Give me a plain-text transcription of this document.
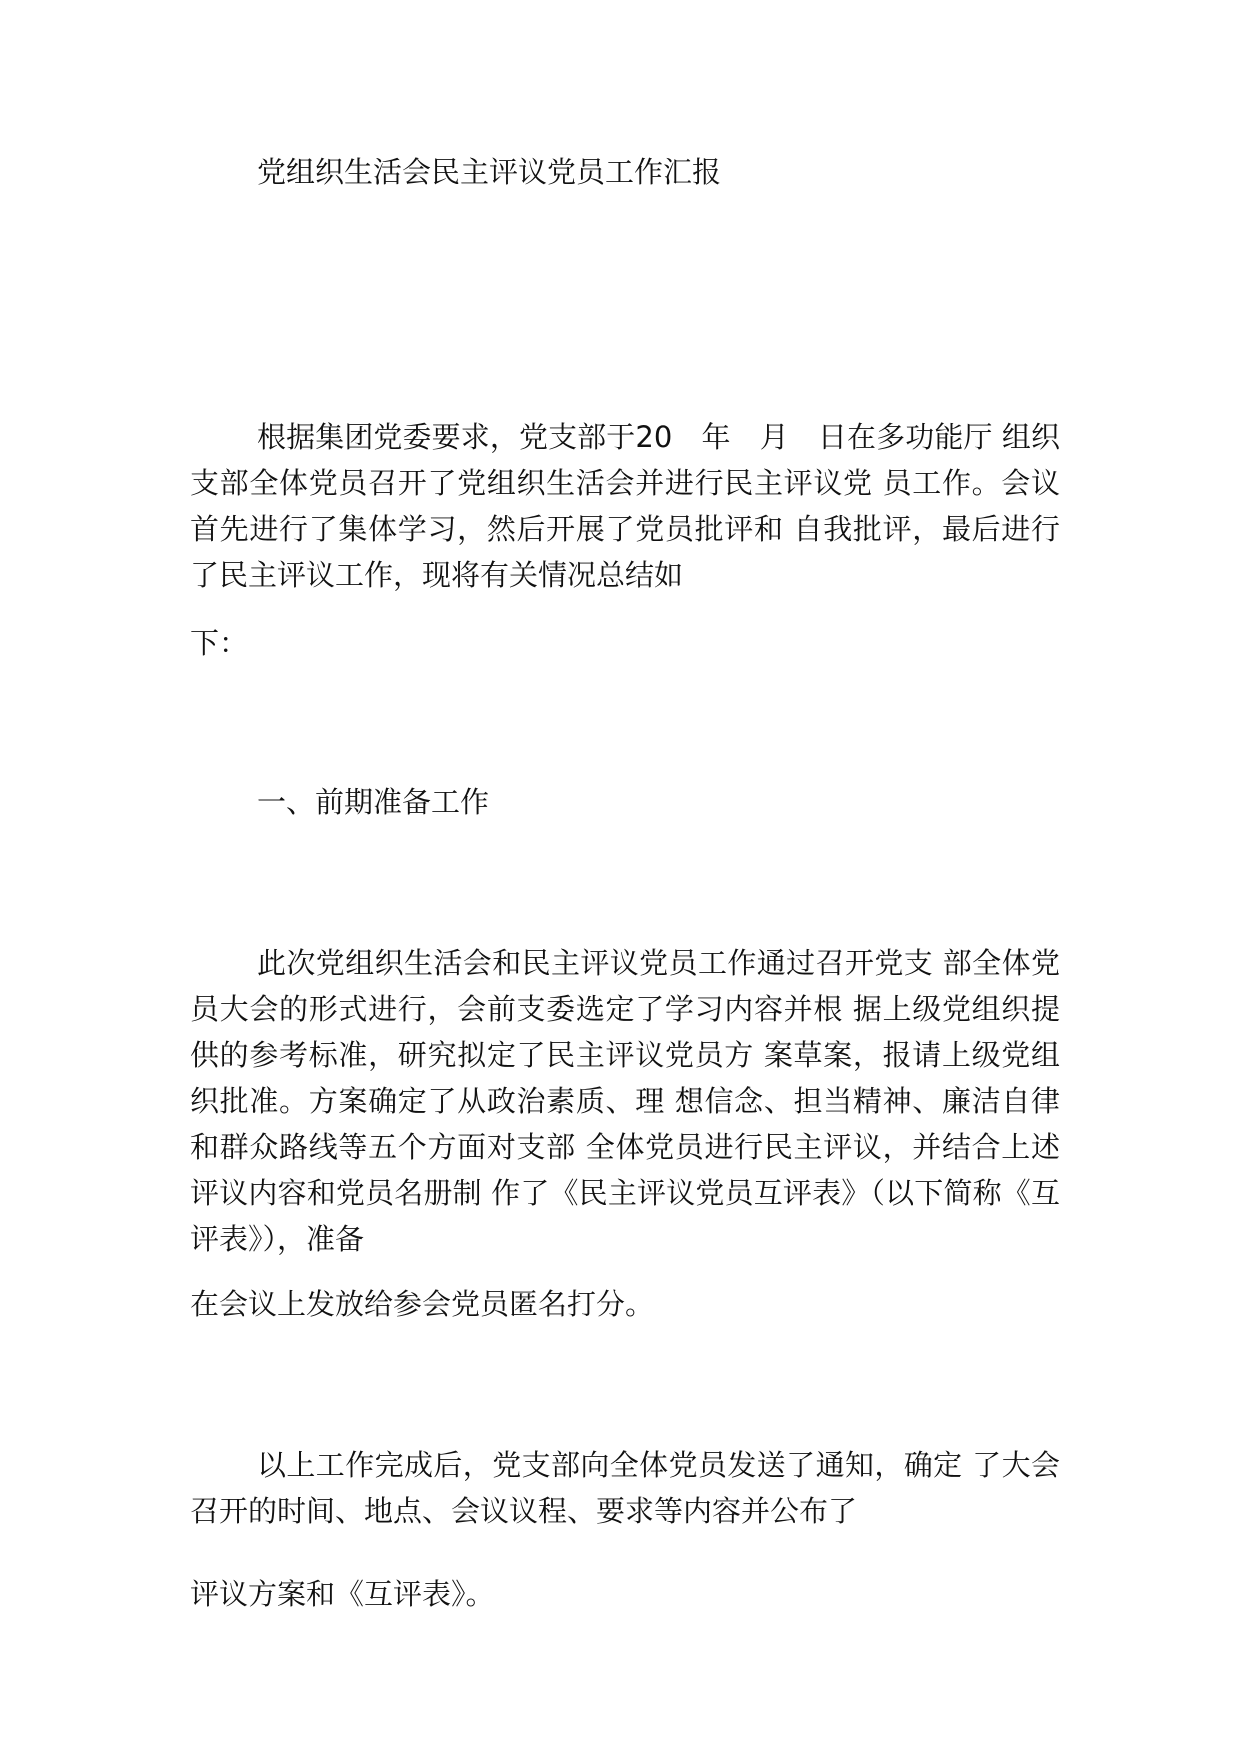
党组织生活会民主评议党员工作汇报

根据集团党委要求，党支部于20　年　月　日在多功能厅 组织支部全体党员召开了党组织生活会并进行民主评议党 员工作。会议首先进行了集体学习，然后开展了党员批评和 自我批评，最后进行了民主评议工作，现将有关情况总结如

下：

一、前期准备工作

此次党组织生活会和民主评议党员工作通过召开党支 部全体党员大会的形式进行，会前支委选定了学习内容并根 据上级党组织提供的参考标准，研究拟定了民主评议党员方 案草案，报请上级党组织批准。方案确定了从政治素质、理 想信念、担当精神、廉洁自律和群众路线等五个方面对支部 全体党员进行民主评议，并结合上述评议内容和党员名册制 作了《民主评议党员互评表》（以下简称《互评表》），准备

在会议上发放给参会党员匿名打分。

以上工作完成后，党支部向全体党员发送了通知，确定 了大会召开的时间、地点、会议议程、要求等内容并公布了

评议方案和《互评表》。
